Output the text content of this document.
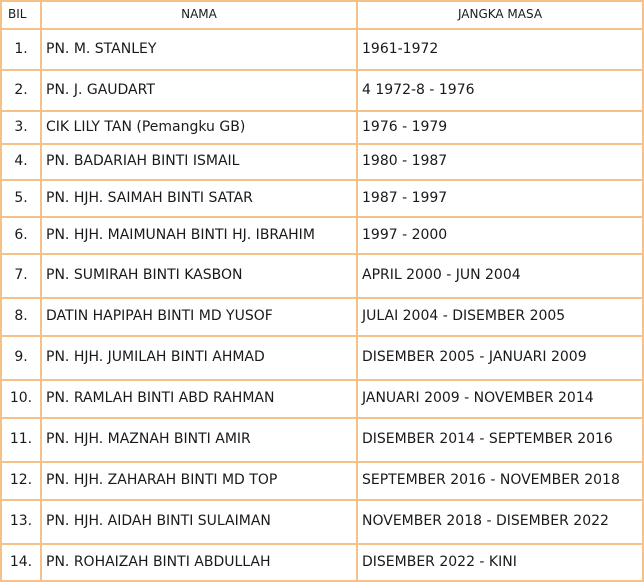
BIL	NAMA	JANGKA MASA
1.	PN. M. STANLEY	1961-1972
2.	PN. J. GAUDART	4 1972-8 - 1976
3.	CIK LILY TAN (Pemangku GB)	1976 - 1979
4.	PN. BADARIAH BINTI ISMAIL	1980 - 1987
5.	PN. HJH. SAIMAH BINTI SATAR	1987 - 1997
6.	PN. HJH. MAIMUNAH BINTI HJ. IBRAHIM	1997 - 2000
7.	PN. SUMIRAH BINTI KASBON	APRIL 2000 - JUN 2004
8.	DATIN HAPIPAH BINTI MD YUSOF	JULAI 2004 - DISEMBER 2005
9.	PN. HJH. JUMILAH BINTI AHMAD	DISEMBER 2005 - JANUARI 2009
10.	PN. RAMLAH BINTI ABD RAHMAN	JANUARI 2009 - NOVEMBER 2014
11.	PN. HJH. MAZNAH BINTI AMIR	DISEMBER 2014 - SEPTEMBER 2016
12.	PN. HJH. ZAHARAH BINTI MD TOP	SEPTEMBER 2016 - NOVEMBER 2018
13.	PN. HJH. AIDAH BINTI SULAIMAN	NOVEMBER 2018 - DISEMBER 2022
14.	PN. ROHAIZAH BINTI ABDULLAH	DISEMBER 2022 - KINI
